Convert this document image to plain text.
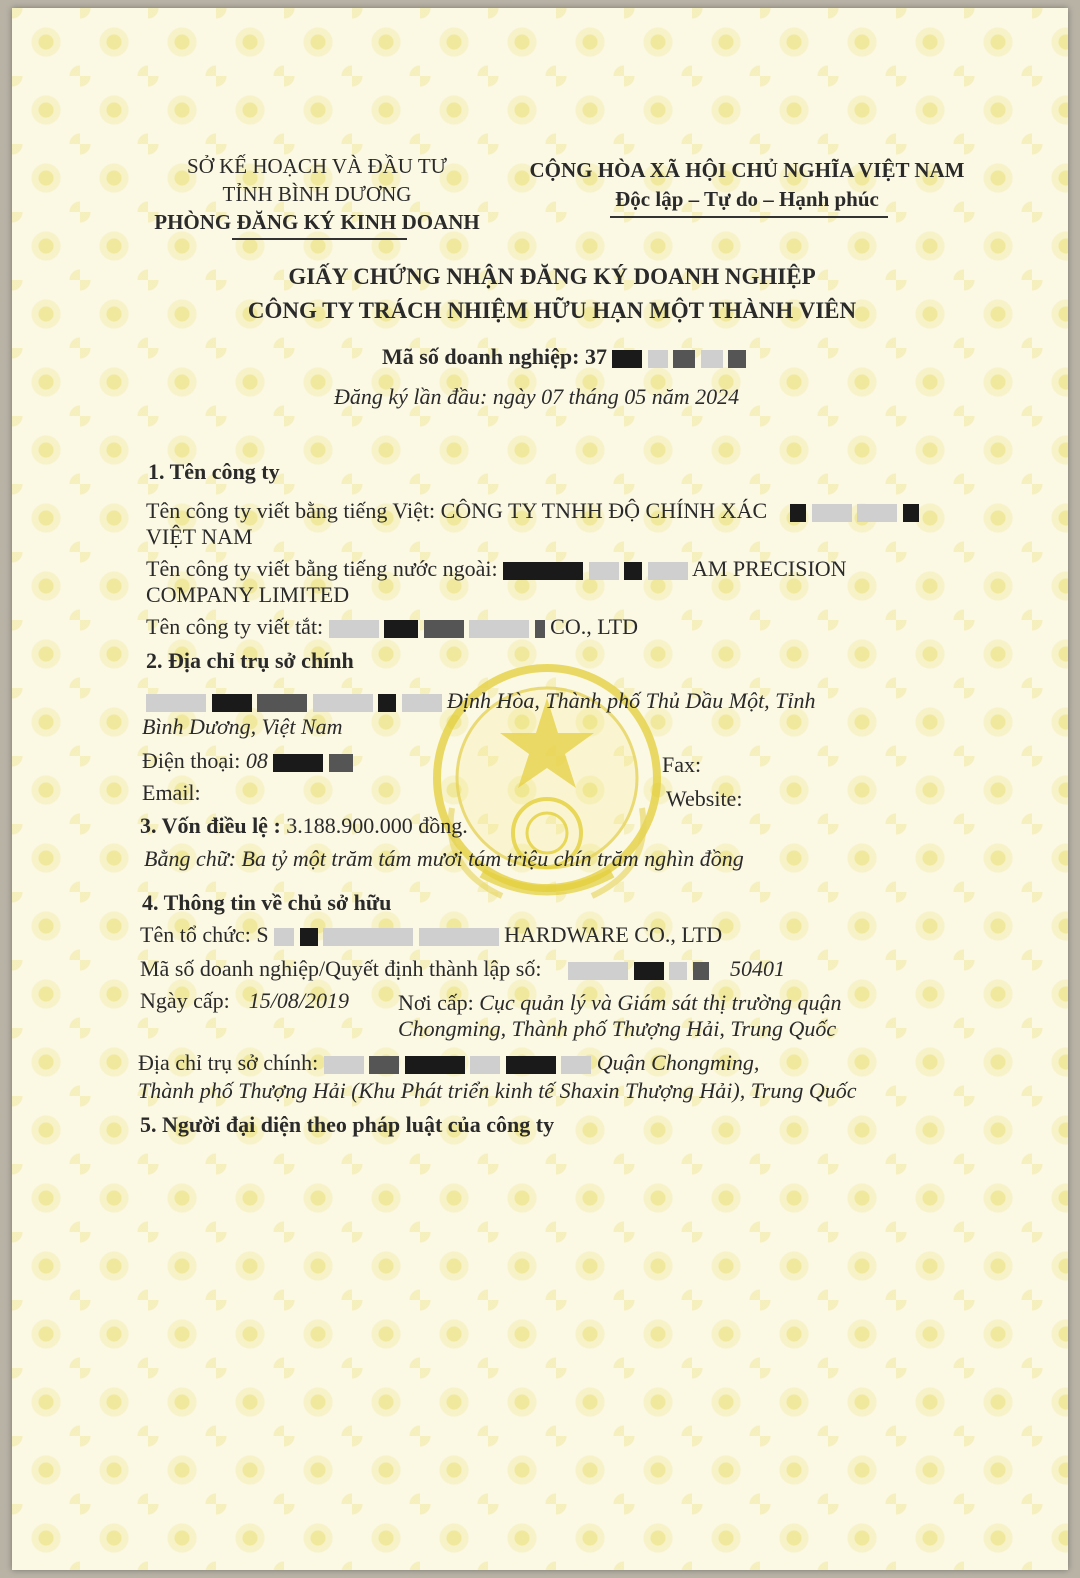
SỞ KẾ HOẠCH VÀ ĐẦU TƯ
TỈNH BÌNH DƯƠNG
PHÒNG ĐĂNG KÝ KINH DOANH
CỘNG HÒA XÃ HỘI CHỦ NGHĨA VIỆT NAM
Độc lập – Tự do – Hạnh phúc
GIẤY CHỨNG NHẬN ĐĂNG KÝ DOANH NGHIỆP
CÔNG TY TRÁCH NHIỆM HỮU HẠN MỘT THÀNH VIÊN
Mã số doanh nghiệp: 37
Đăng ký lần đầu: ngày 07 tháng 05 năm 2024
1. Tên công ty
Tên công ty viết bằng tiếng Việt: CÔNG TY TNHH ĐỘ CHÍNH XÁC
VIỆT NAM
Tên công ty viết bằng tiếng nước ngoài:	AM PRECISION
COMPANY LIMITED
Tên công ty viết tắt:	CO., LTD
2. Địa chỉ trụ sở chính
Định Hòa, Thành phố Thủ Dầu Một, Tỉnh
Bình Dương, Việt Nam
Điện thoại: 08	Fax:
Email:	Website:
3. Vốn điều lệ : 3.188.900.000 đồng.
Bằng chữ: Ba tỷ một trăm tám mươi tám triệu chín trăm nghìn đồng
4. Thông tin về chủ sở hữu
Tên tổ chức: S	HARDWARE CO., LTD
Mã số doanh nghiệp/Quyết định thành lập số:	50401
Ngày cấp: 15/08/2019 Nơi cấp: Cục quản lý và Giám sát thị trường quận
Chongming, Thành phố Thượng Hải, Trung Quốc
Địa chỉ trụ sở chính:	Quận Chongming,
Thành phố Thượng Hải (Khu Phát triển kinh tế Shaxin Thượng Hải), Trung Quốc
5. Người đại diện theo pháp luật của công ty
